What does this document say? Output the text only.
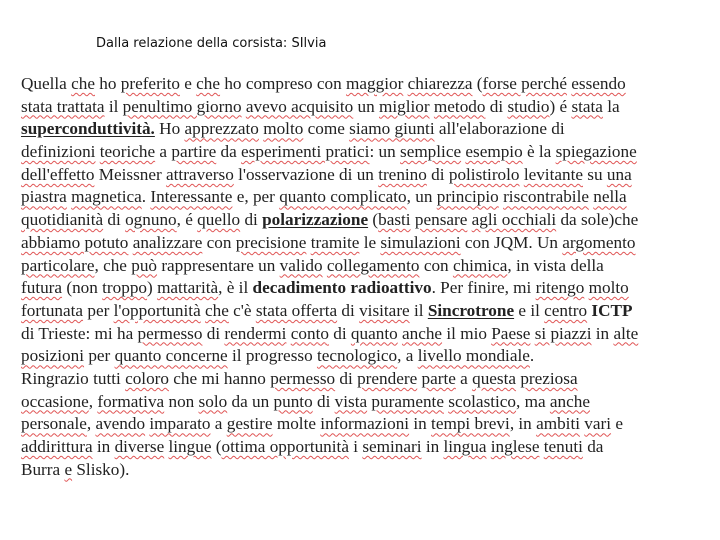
Dalla relazione della corsista: SIlvia
Quella che ho preferito e che ho compreso con maggior chiarezza (forse perché essendo
stata trattata il penultimo giorno avevo acquisito un miglior metodo di studio) é stata la
superconduttività. Ho apprezzato molto come siamo giunti all'elaborazione di
definizioni teoriche a partire da esperimenti pratici: un semplice esempio è la spiegazione
dell'effetto Meissner attraverso l'osservazione di un trenino di polistirolo levitante su una
piastra magnetica. Interessante e, per quanto complicato, un principio riscontrabile nella
quotidianità di ognuno, é quello di polarizzazione (basti pensare agli occhiali da sole)che
abbiamo potuto analizzare con precisione tramite le simulazioni con JQM. Un argomento
particolare, che può rappresentare un valido collegamento con chimica, in vista della
futura (non troppo) mattarità, è il decadimento radioattivo. Per finire, mi ritengo molto
fortunata per l'opportunità che c'è stata offerta di visitare il Sincrotrone e il centro ICTP
di Trieste: mi ha permesso di rendermi conto di quanto anche il mio Paese si piazzi in alte
posizioni per quanto concerne il progresso tecnologico, a livello mondiale.
Ringrazio tutti coloro che mi hanno permesso di prendere parte a questa preziosa
occasione, formativa non solo da un punto di vista puramente scolastico, ma anche
personale, avendo imparato a gestire molte informazioni in tempi brevi, in ambiti vari e
addirittura in diverse lingue (ottima opportunità i seminari in lingua inglese tenuti da
Burra e Slisko).
